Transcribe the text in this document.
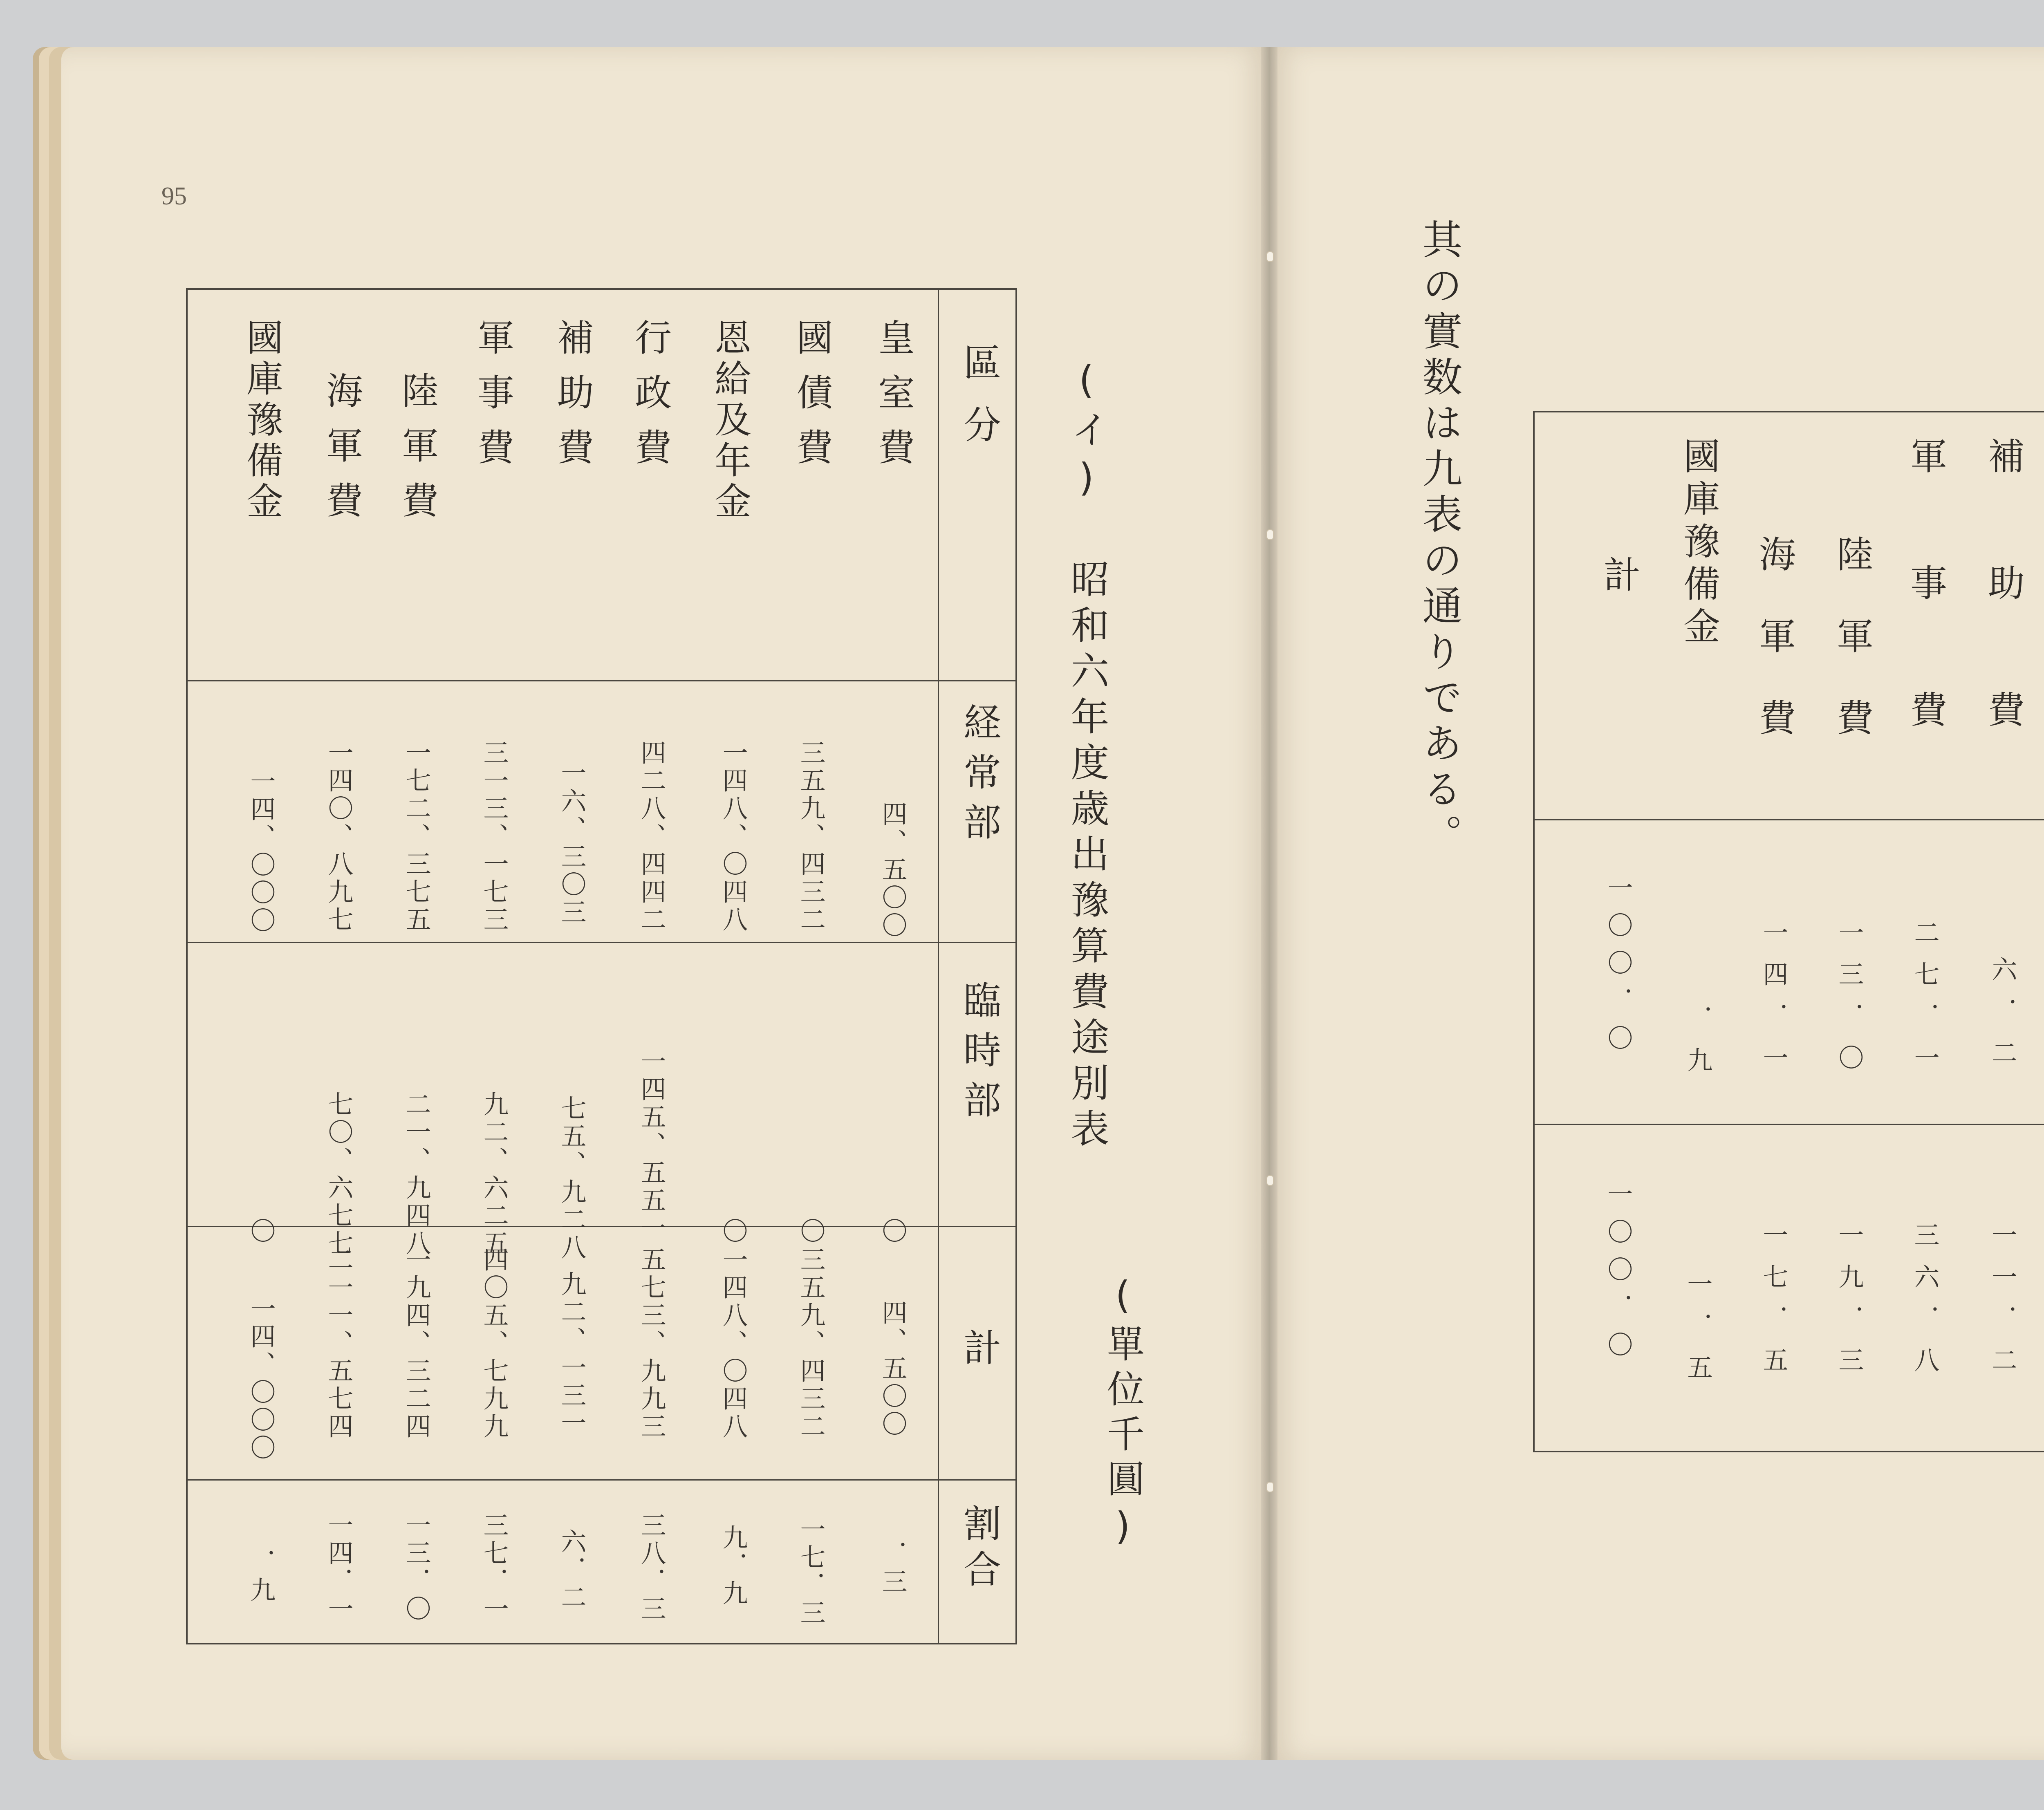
95
(イ) 昭和六年度歳出豫算費途別表
(單位千圓)
區分
経常部
臨時部
計
割合
皇室費
國債費
恩給及年金
行政費
補助費
軍事費
陸軍費
海軍費
國庫豫備金
四、五〇〇
三五九、四三二
一四八、〇四八
四二八、四四二
一六、三〇三
三一三、一七三
一七二、三七五
一四〇、八九七
一四、〇〇〇
〇
〇
〇
一四五、五五一
七五、九二八
九二、六二五
二一、九四八
七〇、六七七
〇
四、五〇〇
三五九、四三二
一四八、〇四八
五七三、九九三
九二、一三一
四〇五、七九九
一九四、三二四
二一一、五七四
一四、〇〇〇
．三
一七．三
九．九
三八．三
六．二
三七．一
一三．〇
一四．一
．九
其の實数は九表の通りである。	補助費
軍事費
陸軍費
海軍費
國庫豫備金
計
六．二
二七．一
一三．〇
一四．一
．九
一〇〇．〇
一一．二
三六．八
一九．三
一七．五
一．五
一〇〇．〇
